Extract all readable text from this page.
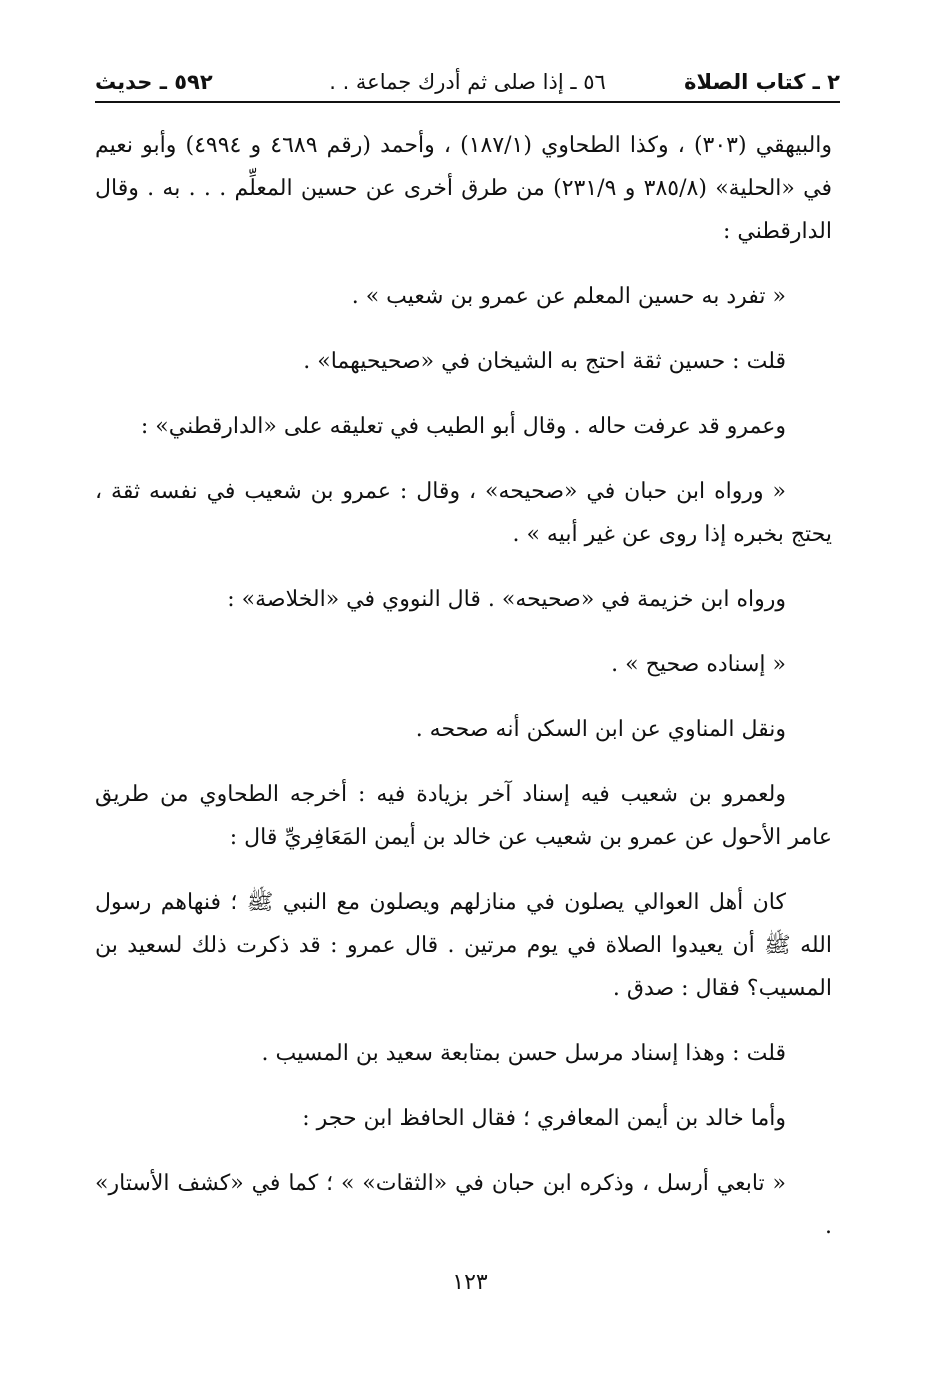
٢ ـ كتاب الصلاة
٥٦ ـ إذا صلى ثم أدرك جماعة . .
٥٩٢ ـ حديث

والبيهقي (٣٠٣) ، وكذا الطحاوي (١٨٧/١) ، وأحمد (رقم ٤٦٨٩ و ٤٩٩٤) وأبو نعيم في «الحلية» (٣٨٥/٨ و ٢٣١/٩) من طرق أخرى عن حسين المعلِّم . . . به . وقال الدارقطني :

« تفرد به حسين المعلم عن عمرو بن شعيب » .

قلت : حسين ثقة احتج به الشيخان في «صحيحيهما» .

وعمرو قد عرفت حاله . وقال أبو الطيب في تعليقه على «الدارقطني» :

« ورواه ابن حبان في «صحيحه» ، وقال : عمرو بن شعيب في نفسه ثقة ، يحتج بخبره إذا روى عن غير أبيه » .

ورواه ابن خزيمة في «صحيحه» . قال النووي في «الخلاصة» :

« إسناده صحيح » .

ونقل المناوي عن ابن السكن أنه صححه .

ولعمرو بن شعيب فيه إسناد آخر بزيادة فيه : أخرجه الطحاوي من طريق عامر الأحول عن عمرو بن شعيب عن خالد بن أيمن المَعَافِريِّ قال :

كان أهل العوالي يصلون في منازلهم ويصلون مع النبي ﷺ ؛ فنهاهم رسول الله ﷺ أن يعيدوا الصلاة في يوم مرتين . قال عمرو : قد ذكرت ذلك لسعيد بن المسيب؟ فقال : صدق .

قلت : وهذا إسناد مرسل حسن بمتابعة سعيد بن المسيب .

وأما خالد بن أيمن المعافري ؛ فقال الحافظ ابن حجر :

« تابعي أرسل ، وذكره ابن حبان في «الثقات» » ؛ كما في «كشف الأستار» .

١٢٣
